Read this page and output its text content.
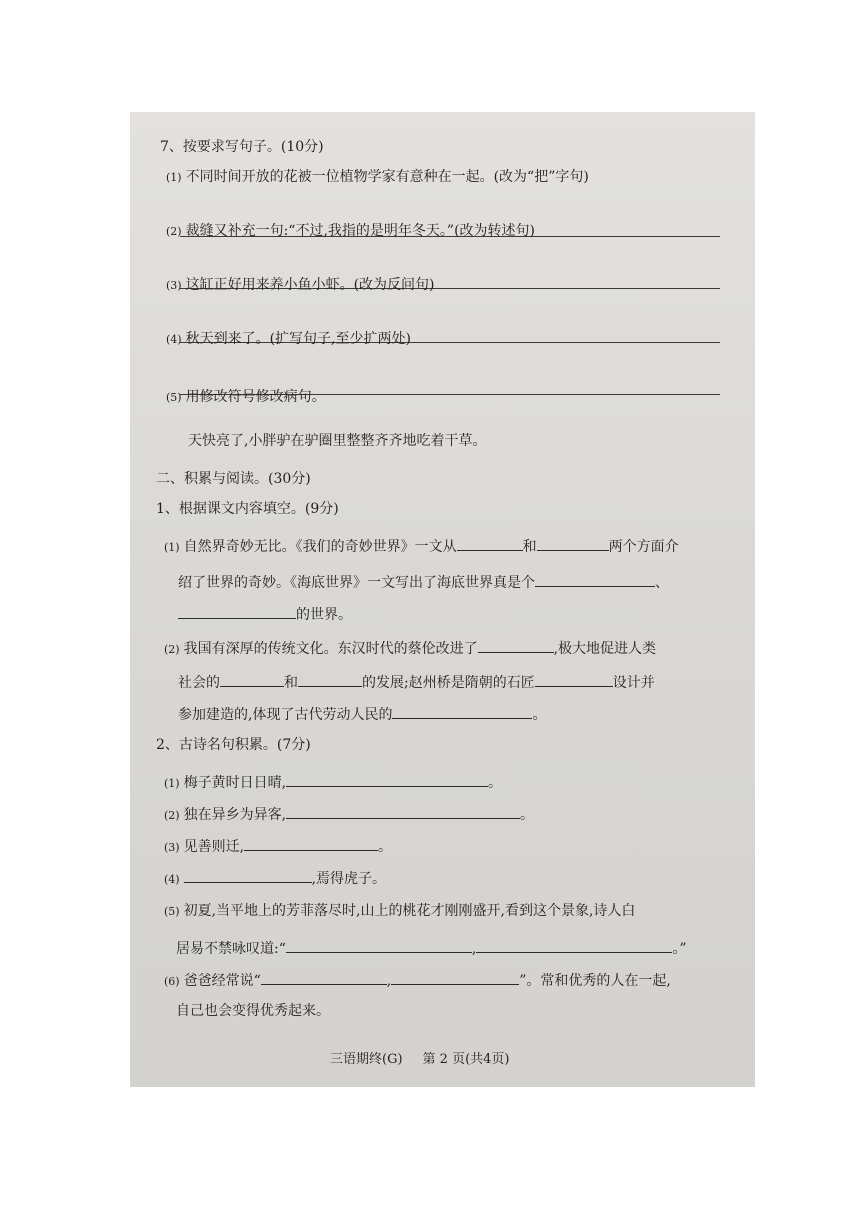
7、按要求写句子。(10分)
(1) 不同时间开放的花被一位植物学家有意种在一起。(改为“把”字句)
(2) 裁缝又补充一句:“不过,我指的是明年冬天。”(改为转述句)
(3) 这缸正好用来养小鱼小虾。(改为反问句)
(4) 秋天到来了。(扩写句子,至少扩两处)
(5) 用修改符号修改病句。
天快亮了,小胖驴在驴圈里整整齐齐地吃着干草。
二、积累与阅读。(30分)
1、根据课文内容填空。(9分)
(1) 自然界奇妙无比。《我们的奇妙世界》一文从	和	两个方面介
绍了世界的奇妙。《海底世界》一文写出了海底世界真是个	、
的世界。
(2) 我国有深厚的传统文化。东汉时代的蔡伦改进了	,极大地促进人类
社会的	和	的发展;赵州桥是隋朝的石匠	设计并
参加建造的,体现了古代劳动人民的	。
2、古诗名句积累。(7分)
(1) 梅子黄时日日晴,	。
(2) 独在异乡为异客,	。
(3) 见善则迁,	。
(4)	,焉得虎子。
(5) 初夏,当平地上的芳菲落尽时,山上的桃花才刚刚盛开,看到这个景象,诗人白
居易不禁咏叹道:“	,	。”
(6) 爸爸经常说“	,	”。常和优秀的人在一起,
自己也会变得优秀起来。
三语期终(G) 第 2 页(共4页)
